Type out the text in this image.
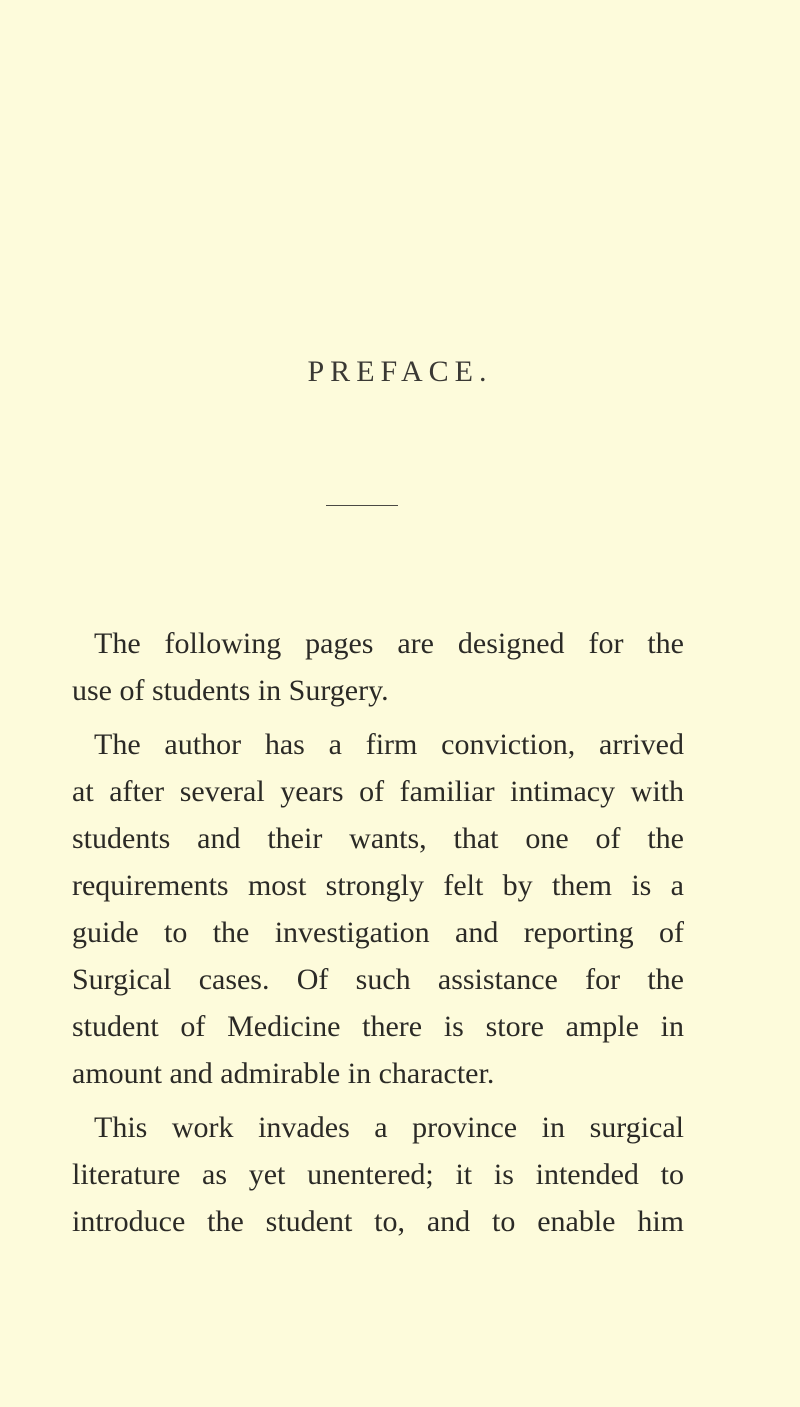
PREFACE.
The following pages are designed for the
use of students in Surgery.
The author has a firm conviction, arrived
at after several years of familiar intimacy with
students and their wants, that one of the
requirements most strongly felt by them is a
guide to the investigation and reporting of
Surgical cases. Of such assistance for the
student of Medicine there is store ample in
amount and admirable in character.
This work invades a province in surgical
literature as yet unentered; it is intended to
introduce the student to, and to enable him
